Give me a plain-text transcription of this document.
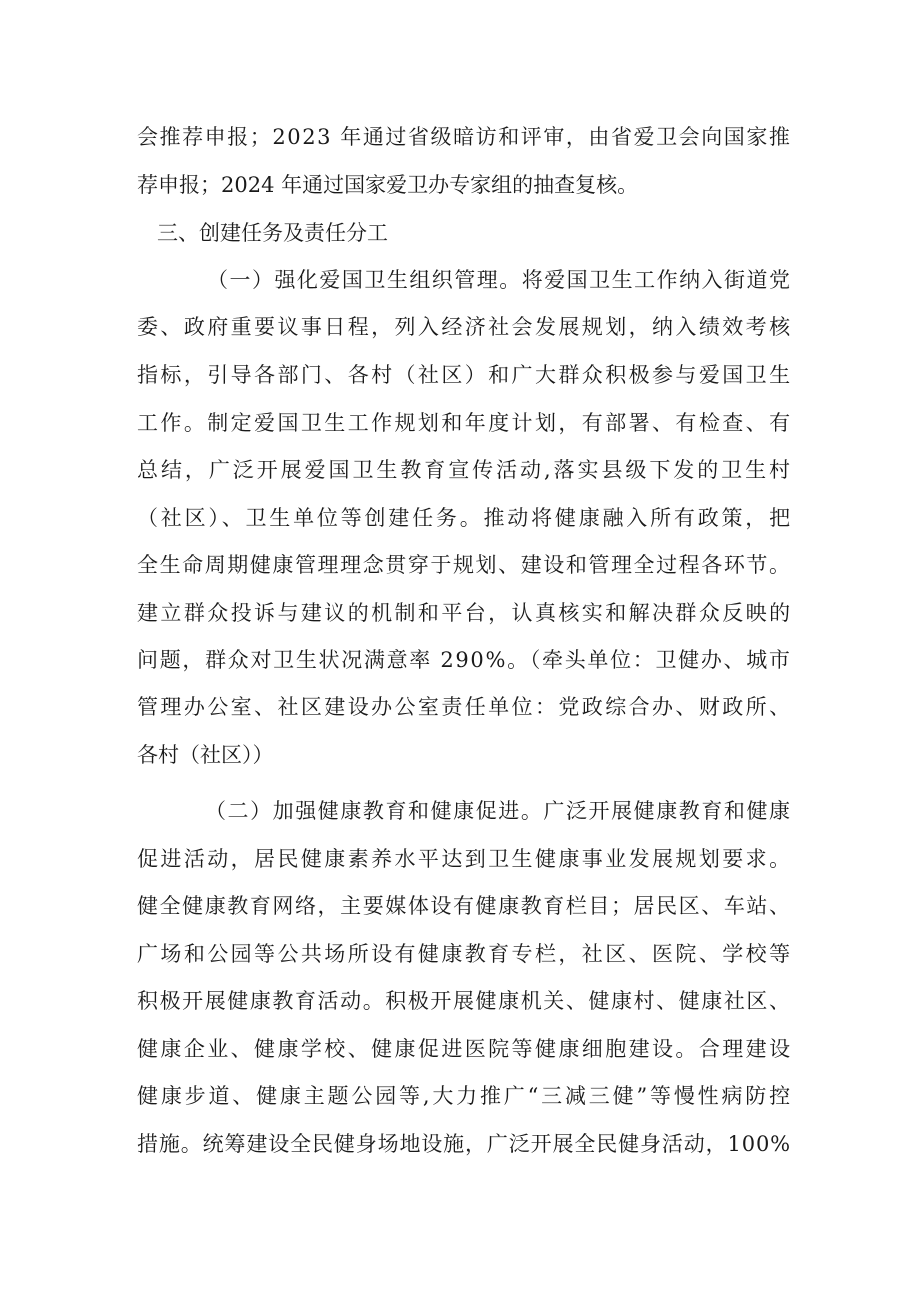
会推荐申报；2023 年通过省级暗访和评审，由省爱卫会向国家推
荐申报；2024 年通过国家爱卫办专家组的抽查复核。
三、创建任务及责任分工
（一）强化爱国卫生组织管理。将爱国卫生工作纳入街道党
委、政府重要议事日程，列入经济社会发展规划，纳入绩效考核
指标，引导各部门、各村（社区）和广大群众积极参与爱国卫生
工作。制定爱国卫生工作规划和年度计划，有部署、有检查、有
总结，广泛开展爱国卫生教育宣传活动,落实县级下发的卫生村
（社区）、卫生单位等创建任务。推动将健康融入所有政策，把
全生命周期健康管理理念贯穿于规划、建设和管理全过程各环节。
建立群众投诉与建议的机制和平台，认真核实和解决群众反映的
问题，群众对卫生状况满意率 290%。（牵头单位：卫健办、城市
管理办公室、社区建设办公室责任单位：党政综合办、财政所、
各村（社区））
（二）加强健康教育和健康促进。广泛开展健康教育和健康
促进活动，居民健康素养水平达到卫生健康事业发展规划要求。
健全健康教育网络，主要媒体设有健康教育栏目；居民区、车站、
广场和公园等公共场所设有健康教育专栏，社区、医院、学校等
积极开展健康教育活动。积极开展健康机关、健康村、健康社区、
健康企业、健康学校、健康促进医院等健康细胞建设。合理建设
健康步道、健康主题公园等,大力推广“三减三健”等慢性病防控
措施。统筹建设全民健身场地设施，广泛开展全民健身活动，100%
